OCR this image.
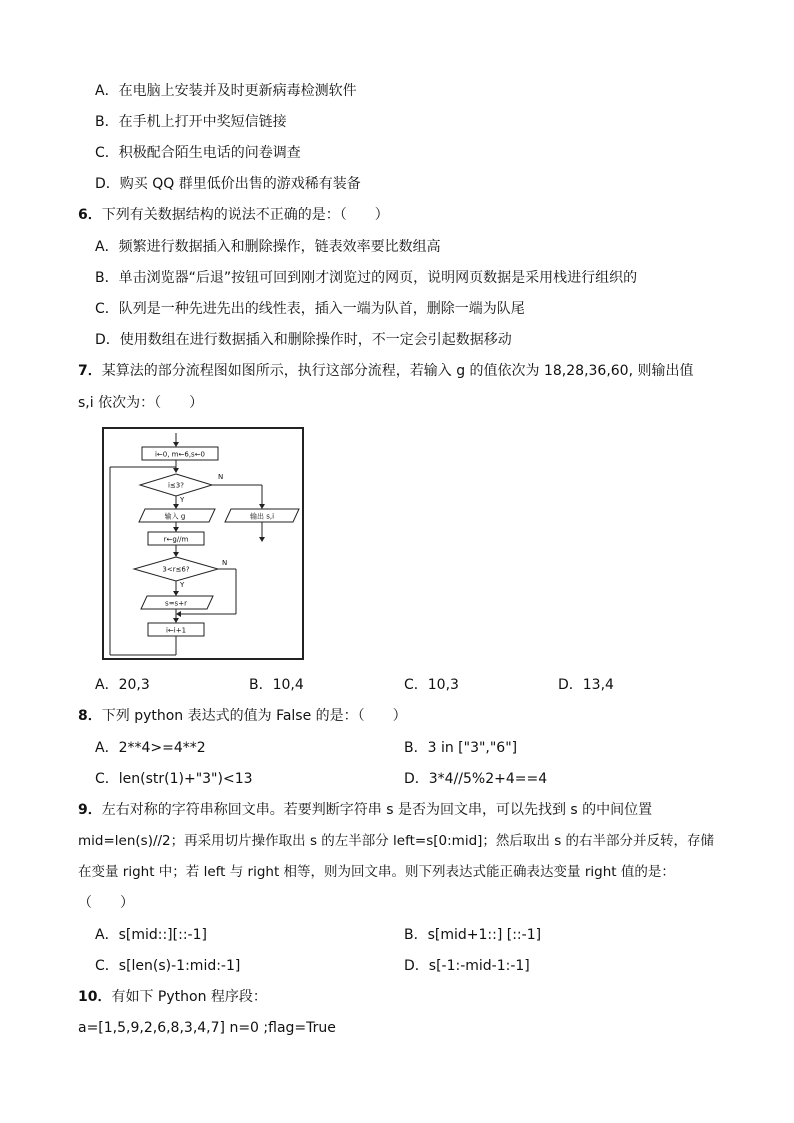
A．在电脑上安装并及时更新病毒检测软件
B．在手机上打开中奖短信链接
C．积极配合陌生电话的问卷调查
D．购买 QQ 群里低价出售的游戏稀有装备
6．下列有关数据结构的说法不正确的是：（　　）
A．频繁进行数据插入和删除操作，链表效率要比数组高
B．单击浏览器“后退”按钮可回到刚才浏览过的网页，说明网页数据是采用栈进行组织的
C．队列是一种先进先出的线性表，插入一端为队首，删除一端为队尾
D．使用数组在进行数据插入和删除操作时，不一定会引起数据移动
7．某算法的部分流程图如图所示，执行这部分流程，若输入 g 的值依次为 18,28,36,60, 则输出值
s,i 依次为：（　　）
i←0, m←6,s←0
i≤3?
N
Y
输出 s,i
输入 g
r←g//m
3<r≤6?
N
Y
s=s+r
i←i+1
A．20,3	B．10,4	C．10,3	D．13,4
8．下列 python 表达式的值为 False 的是：（　　）
A．2**4>=4**2	B．3 in ["3","6"]
C．len(str(1)+"3")<13	D．3*4//5%2+4==4
9．左右对称的字符串称回文串。若要判断字符串 s 是否为回文串，可以先找到 s 的中间位置
mid=len(s)//2；再采用切片操作取出 s 的左半部分 left=s[0:mid]；然后取出 s 的右半部分并反转，存储
在变量 right 中；若 left 与 right 相等，则为回文串。则下列表达式能正确表达变量 right 值的是：
（　　）
A．s[mid::][::-1]	B．s[mid+1::] [::-1]
C．s[len(s)-1:mid:-1]	D．s[-1:-mid-1:-1]
10．有如下 Python 程序段：
a=[1,5,9,2,6,8,3,4,7] n=0 ;flag=True
